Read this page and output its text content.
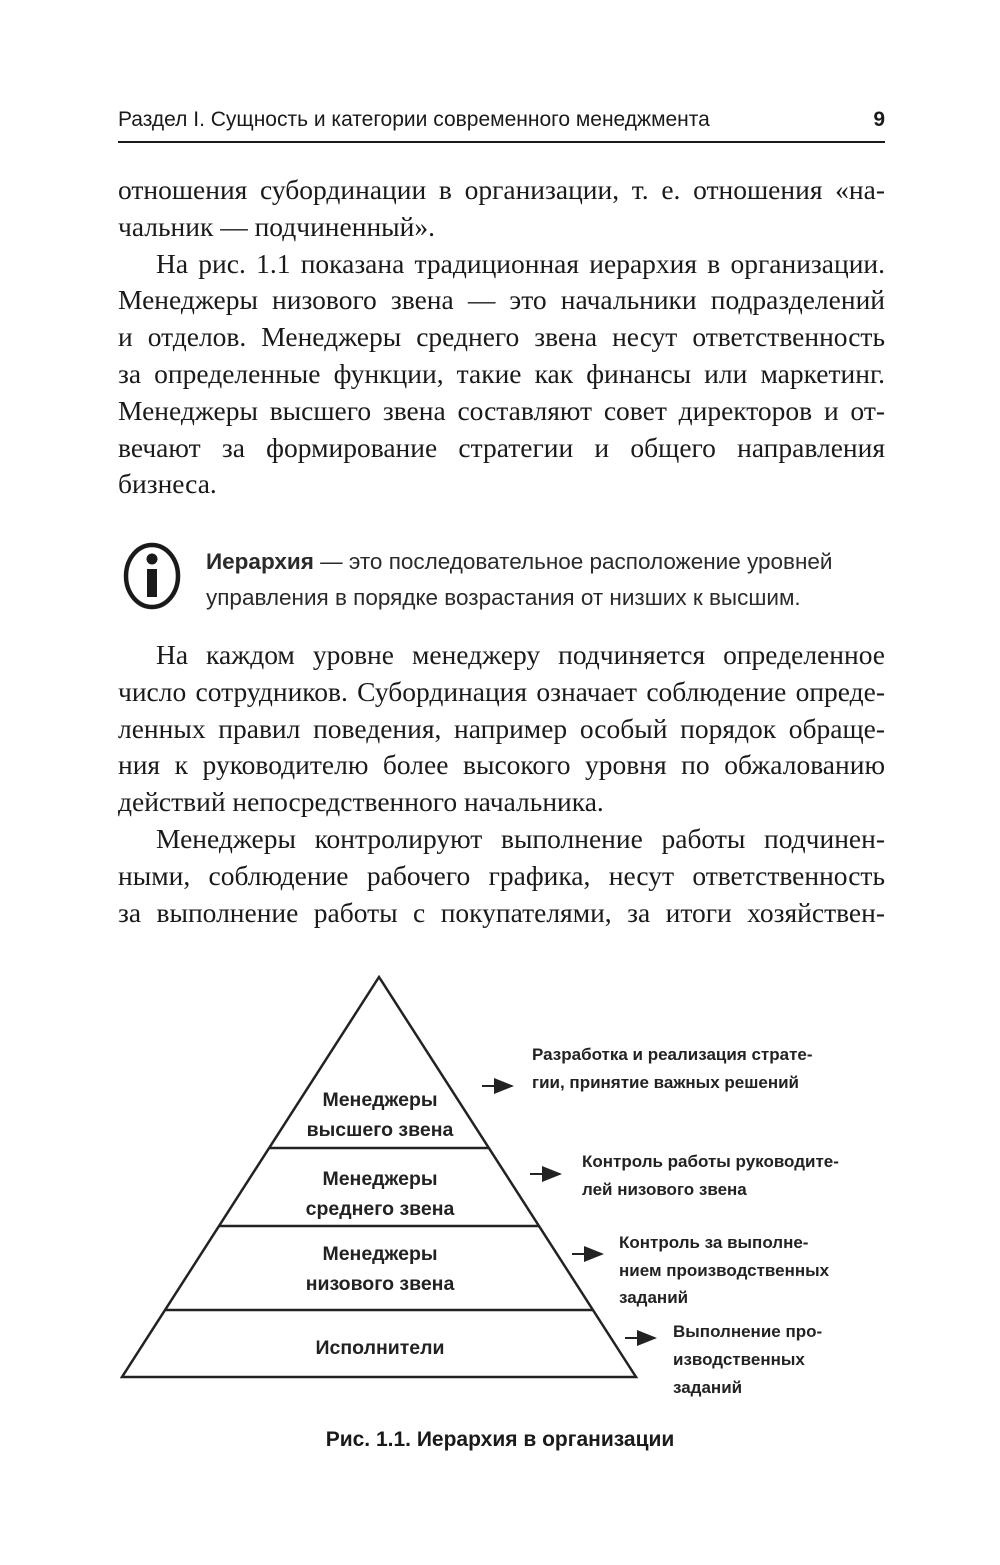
Раздел I. Сущность и категории современного менеджмента	9

отношения субординации в организации, т. е. отношения «на-

чальник — подчиненный».

На рис. 1.1 показана традиционная иерархия в организации.

Менеджеры низового звена — это начальники подразделений

и отделов. Менеджеры среднего звена несут ответственность

за определенные функции, такие как финансы или маркетинг.

Менеджеры высшего звена составляют совет директоров и от-

вечают за формирование стратегии и общего направления

бизнеса.

Иерархия — это последовательное расположение уровней
управления в порядке возрастания от низших к высшим.

На каждом уровне менеджеру подчиняется определенное

число сотрудников. Субординация означает соблюдение опреде-

ленных правил поведения, например особый порядок обраще-

ния к руководителю более высокого уровня по обжалованию

действий непосредственного начальника.

Менеджеры контролируют выполнение работы подчинен-

ными, соблюдение рабочего графика, несут ответственность

за выполнение работы с покупателями, за итоги хозяйствен-

Менеджеры
высшего звена
Менеджеры
среднего звена
Менеджеры
низового звена
Исполнители
Разработка и реализация страте-
гии, принятие важных решений
Контроль работы руководите-
лей низового звена
Контроль за выполне-
нием производственных
заданий
Выполнение про-
изводственных
заданий
Рис. 1.1. Иерархия в организации
